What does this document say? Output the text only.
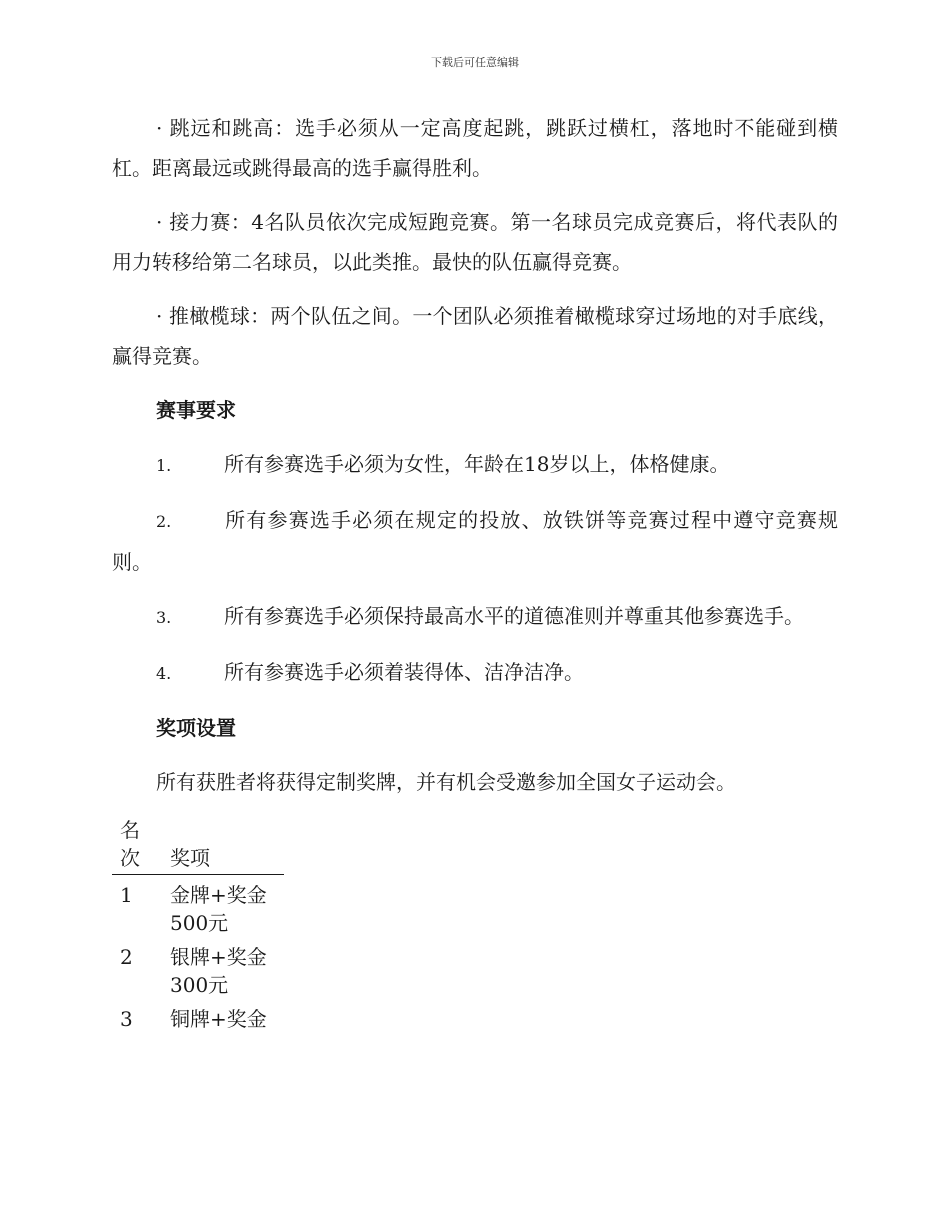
下载后可任意编辑

· 跳远和跳高：选手必须从一定高度起跳，跳跃过横杠，落地时不能碰到横杠。距离最远或跳得最高的选手赢得胜利。

· 接力赛：4名队员依次完成短跑竞赛。第一名球员完成竞赛后，将代表队的用力转移给第二名球员，以此类推。最快的队伍赢得竞赛。

· 推橄榄球：两个队伍之间。一个团队必须推着橄榄球穿过场地的对手底线，赢得竞赛。

赛事要求

1.	所有参赛选手必须为女性，年龄在18岁以上，体格健康。

2.	所有参赛选手必须在规定的投放、放铁饼等竞赛过程中遵守竞赛规则。

3.	所有参赛选手必须保持最高水平的道德准则并尊重其他参赛选手。

4.	所有参赛选手必须着装得体、洁净洁净。

奖项设置

所有获胜者将获得定制奖牌，并有机会受邀参加全国女子运动会。

名次	奖项
1	金牌+奖金500元
2	银牌+奖金300元
3	铜牌+奖金
